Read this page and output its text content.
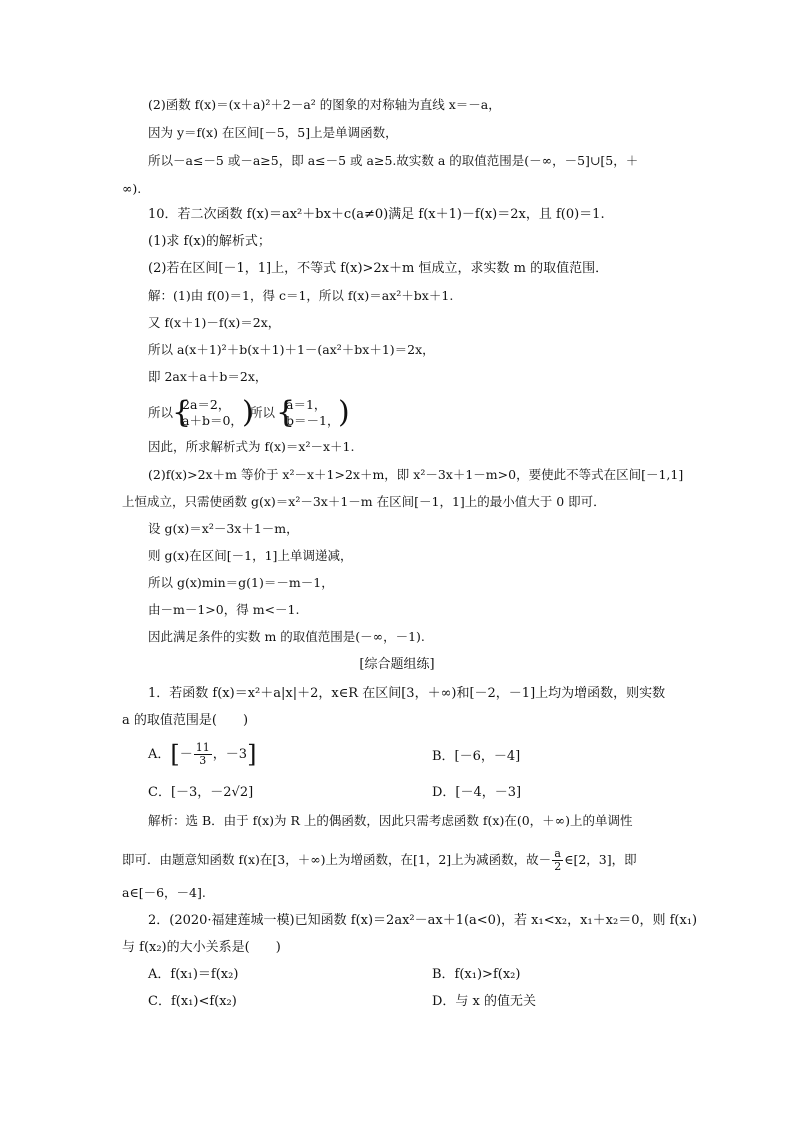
(2)函数 f(x)＝(x＋a)²＋2－a² 的图象的对称轴为直线 x＝－a，
因为 y＝f(x) 在区间[－5，5]上是单调函数，
所以－a≤－5 或－a≥5，即 a≤－5 或 a≥5.故实数 a 的取值范围是(－∞，－5]∪[5，＋
∞).
10．若二次函数 f(x)＝ax²＋bx＋c(a≠0)满足 f(x＋1)－f(x)＝2x，且 f(0)＝1.
(1)求 f(x)的解析式；
(2)若在区间[－1，1]上，不等式 f(x)>2x＋m 恒成立，求实数 m 的取值范围．
解：(1)由 f(0)＝1，得 c＝1，所以 f(x)＝ax²＋bx＋1.
又 f(x＋1)－f(x)＝2x，
所以 a(x＋1)²＋b(x＋1)＋1－(ax²＋bx＋1)＝2x，
即 2ax＋a＋b＝2x，
所以
{
2a＝2，
a＋b＝0， )
所以 {
a＝1，
b＝－1，
)
因此，所求解析式为 f(x)＝x²－x＋1.
(2)f(x)>2x＋m 等价于 x²－x＋1>2x＋m，即 x²－3x＋1－m>0，要使此不等式在区间[－1,1]
上恒成立，只需使函数 g(x)＝x²－3x＋1－m 在区间[－1，1]上的最小值大于 0 即可．
设 g(x)＝x²－3x＋1－m，
则 g(x)在区间[－1，1]上单调递减，
所以 g(x)min＝g(1)＝－m－1，
由－m－1>0，得 m<－1.
因此满足条件的实数 m 的取值范围是(－∞，－1).
[综合题组练]
1．若函数 f(x)＝x²＋a|x|＋2，x∈R 在区间[3，＋∞)和[－2，－1]上均为增函数，则实数
a 的取值范围是(　　)
A．[－ $\frac{11}{3}$ ，－3]	B．[－6，－4]
C．[－3，－2√2]	D．[－4，－3]
解析：选 B．由于 f(x)为 R 上的偶函数，因此只需考虑函数 f(x)在(0，＋∞)上的单调性
即可．由题意知函数 f(x)在[3，＋∞)上为增函数，在[1，2]上为减函数，故－ $\frac{a}{2}$ ∈[2，3]，即
a∈[－6，－4].
2．(2020·福建莲城一模)已知函数 f(x)＝2ax²－ax＋1(a<0)，若 x₁<x₂，x₁＋x₂＝0，则 f(x₁)
与 f(x₂)的大小关系是(　　)
A．f(x₁)＝f(x₂)	B．f(x₁)>f(x₂)
C．f(x₁)<f(x₂)	D．与 x 的值无关
